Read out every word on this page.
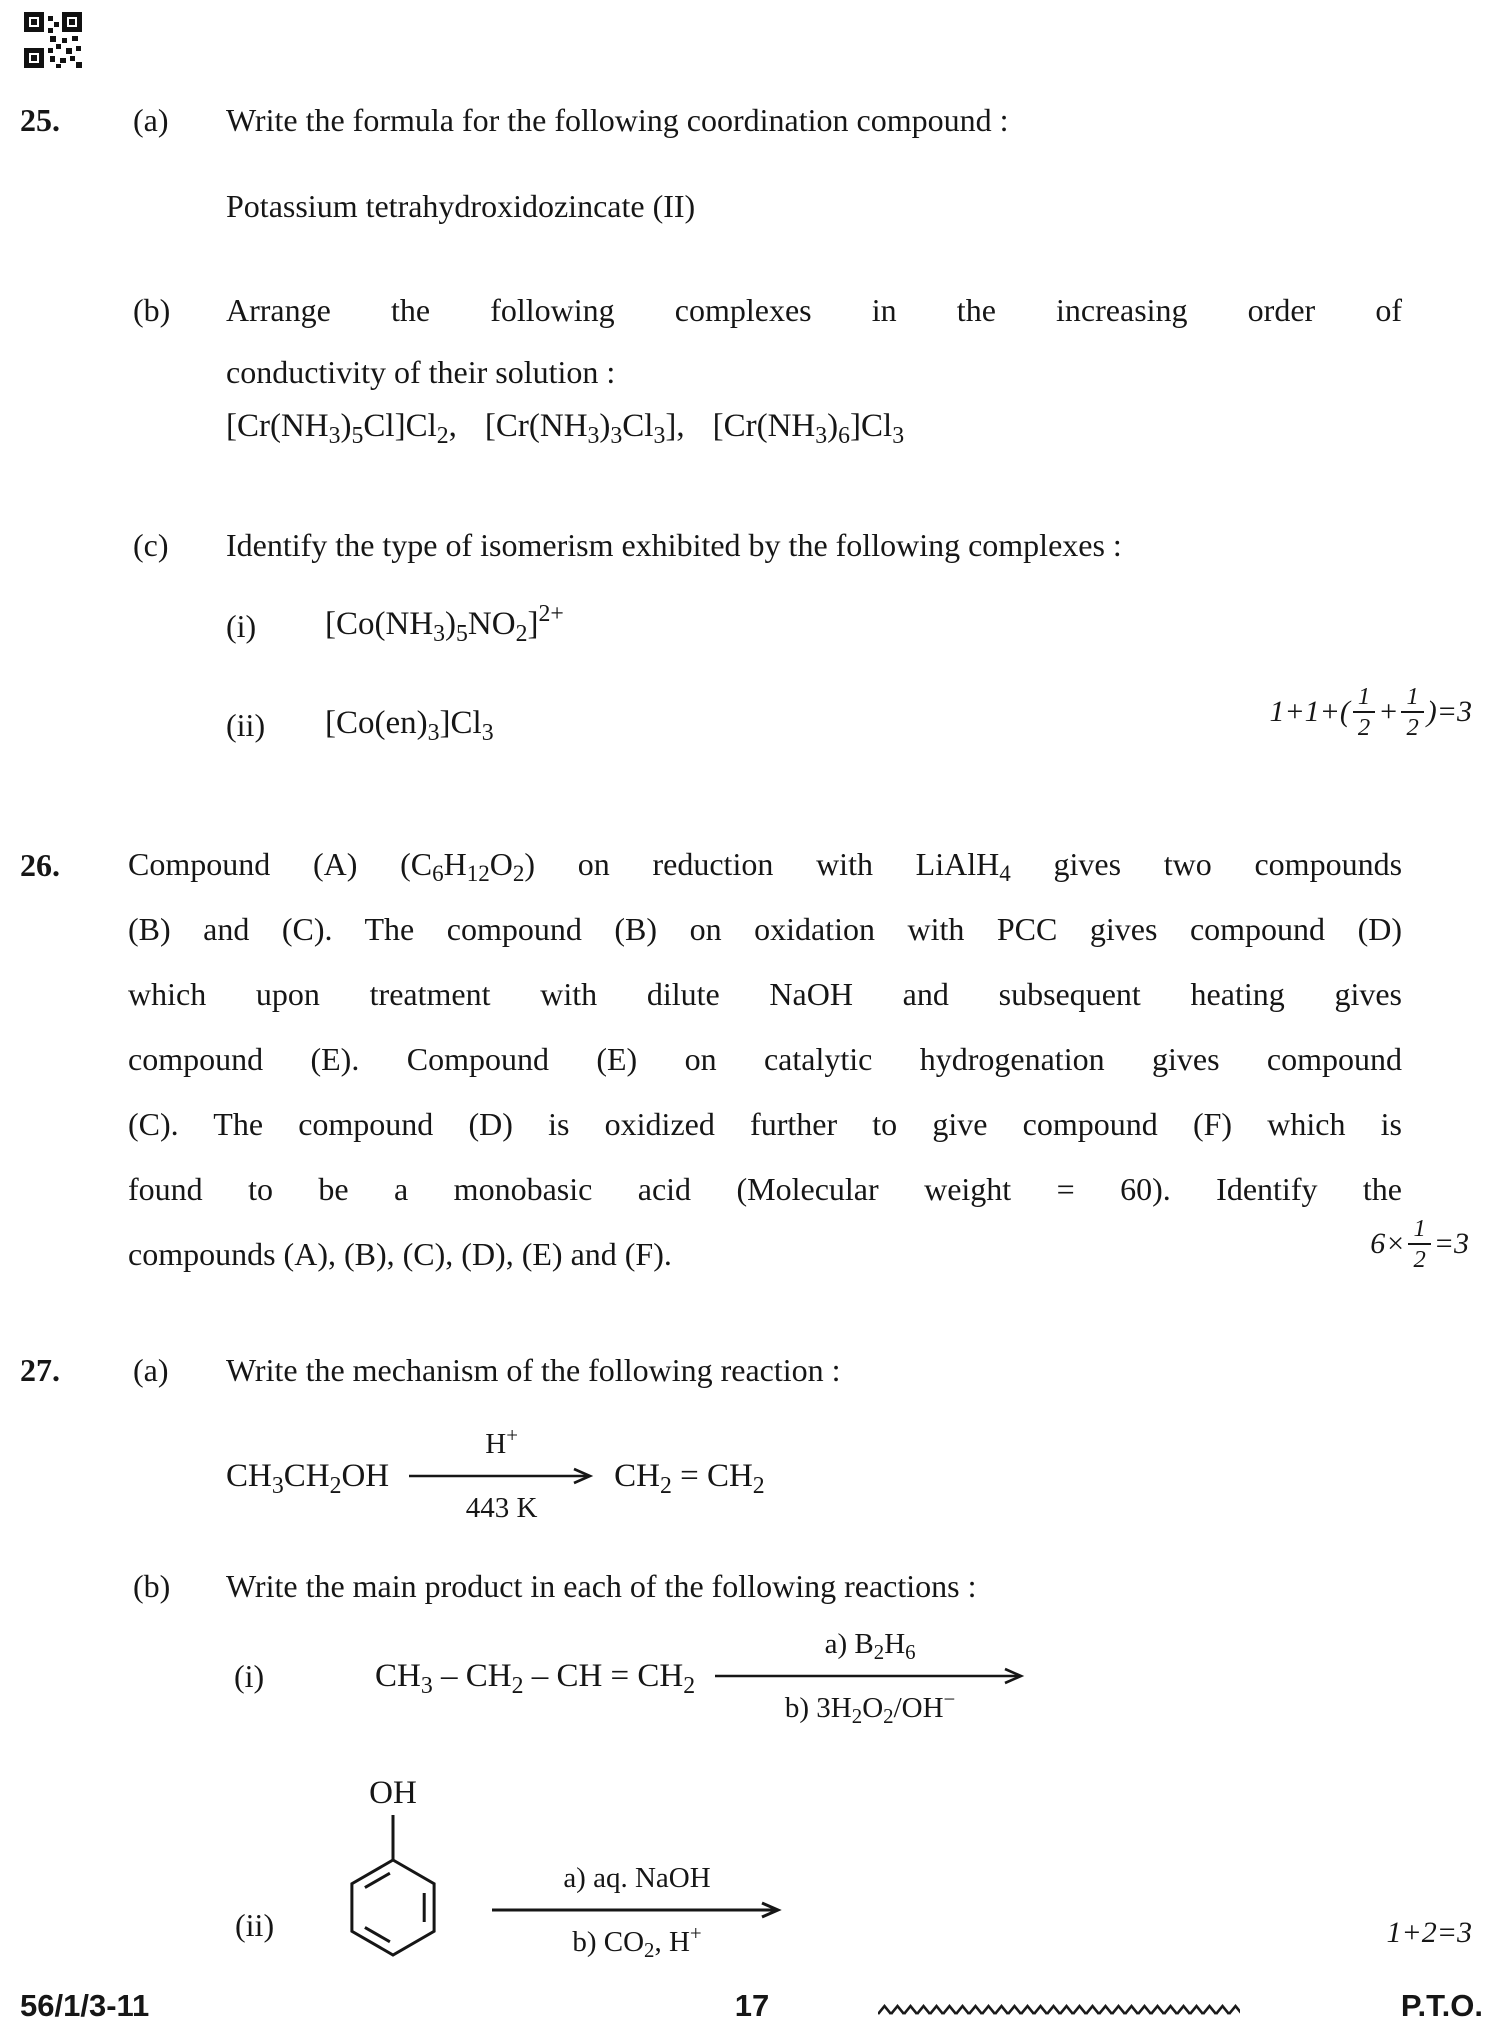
25. (a) Write the formula for the following coordination compound :
Potassium tetrahydroxidozincate (II)
(b) Arrange the following complexes in the increasing order of
conductivity of their solution :
$[Cr(NH_3)_5Cl]Cl_2$, $[Cr(NH_3)_3Cl_3]$, $[Cr(NH_3)_6]Cl_3$
(c) Identify the type of isomerism exhibited by the following complexes :
(i) $[Co(NH_3)_5NO_2]^{2+}$
(ii) $[Co(en)_3]Cl_3$
$1+1+( \frac{1}{2} + \frac{1}{2} )=3$
26. Compound (A) $(C_6H_{12}O_2)$ on reduction with LiAlH$_4$ gives two compounds
(B) and (C). The compound (B) on oxidation with PCC gives compound (D)
which upon treatment with dilute NaOH and subsequent heating gives
compound (E). Compound (E) on catalytic hydrogenation gives compound
(C). The compound (D) is oxidized further to give compound (F) which is
found to be a monobasic acid (Molecular weight = 60). Identify the
compounds (A), (B), (C), (D), (E) and (F).	$6\times \frac{1}{2} =3$
27. (a) Write the mechanism of the following reaction :
$CH_3CH_2OH$
H+
443 K
$CH_2 = CH_2$
(b) Write the main product in each of the following reactions :
(i)	$CH_3 - CH_2$ – CH = $CH_2$
a) $B_2H_6$
b) $3H_2O_2/OH^-$
(ii)
OH
a) aq. NaOH
b) $CO_2$, H+	1+2=3
56/1/3-11	17	P.T.O.
